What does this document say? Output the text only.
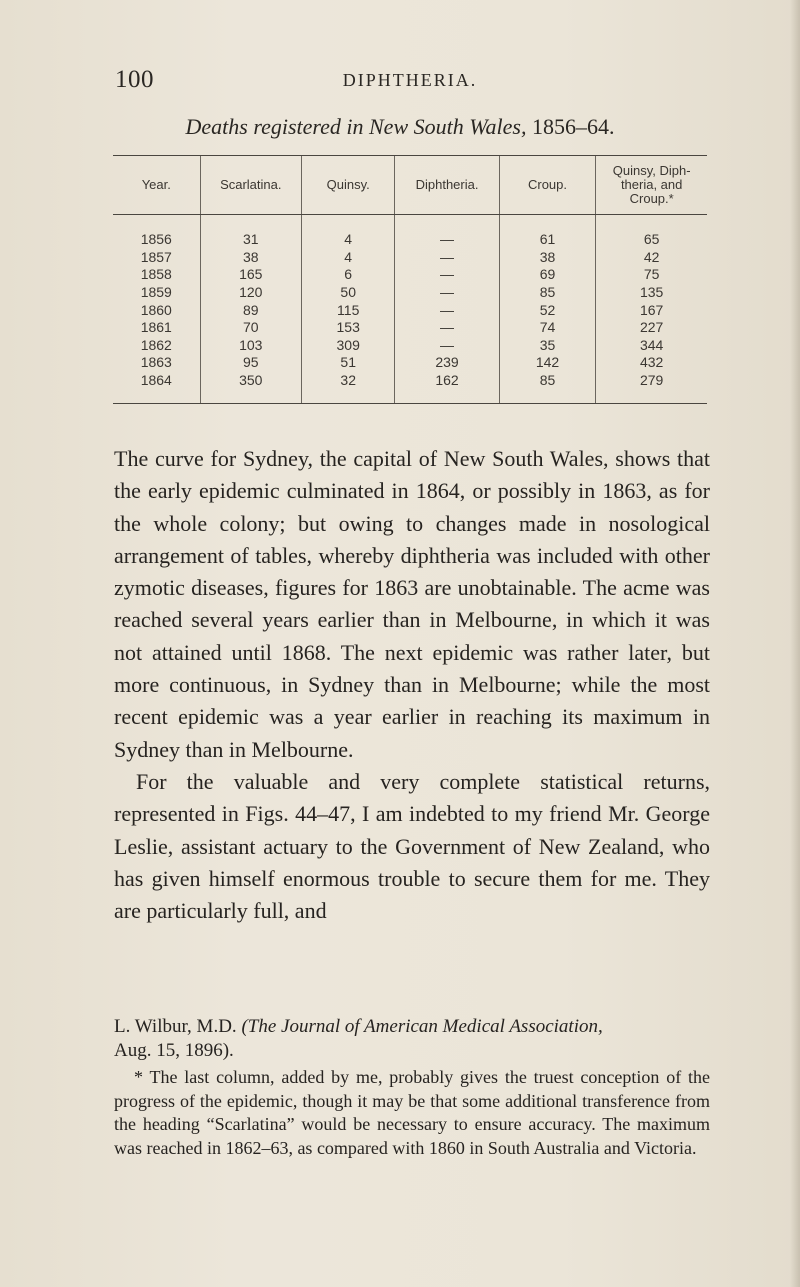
100	DIPHTHERIA.
Deaths registered in New South Wales, 1856–64.
Year.	Scarlatina.	Quinsy.	Diphtheria.	Croup.	Quinsy, Diph-theria, and Croup.*
1856	31	4	—	61	65
1857	38	4	—	38	42
1858	165	6	—	69	75
1859	120	50	—	85	135
1860	89	115	—	52	167
1861	70	153	—	74	227
1862	103	309	—	35	344
1863	95	51	239	142	432
1864	350	32	162	85	279

The curve for Sydney, the capital of New South Wales, shows that the early epidemic culminated in 1864, or possibly in 1863, as for the whole colony; but owing to changes made in nosological arrangement of tables, whereby diphtheria was included with other zymotic diseases, figures for 1863 are unobtainable. The acme was reached several years earlier than in Melbourne, in which it was not attained until 1868. The next epidemic was rather later, but more continuous, in Sydney than in Melbourne; while the most recent epidemic was a year earlier in reaching its maximum in Sydney than in Melbourne.

For the valuable and very complete statistical returns, represented in Figs. 44–47, I am indebted to my friend Mr. George Leslie, assistant actuary to the Government of New Zealand, who has given himself enormous trouble to secure them for me. They are particularly full, and

L. Wilbur, M.D. (The Journal of American Medical Association,
Aug. 15, 1896).

* The last column, added by me, probably gives the truest conception of the progress of the epidemic, though it may be that some additional transference from the heading “Scarlatina” would be necessary to ensure accuracy. The maximum was reached in 1862–63, as compared with 1860 in South Australia and Victoria.
